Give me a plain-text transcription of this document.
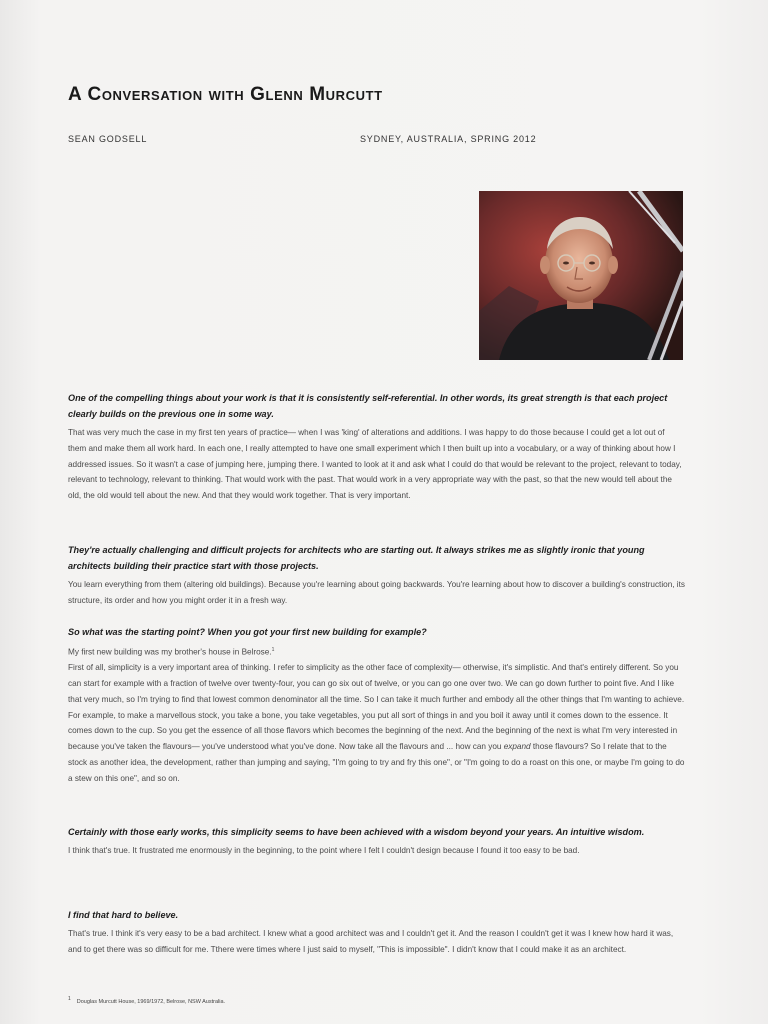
A Conversation with Glenn Murcutt
SEAN GODSELL	SYDNEY, AUSTRALIA, SPRING 2012
One of the compelling things about your work is that it is consistently self-referential. In other words, its great strength is that each project clearly builds on the previous one in some way.

That was very much the case in my first ten years of practice— when I was 'king' of alterations and additions. I was happy to do those because I could get a lot out of them and make them all work hard. In each one, I really attempted to have one small experiment which I then built up into a vocabulary, or a way of thinking about how I addressed issues. So it wasn't a case of jumping here, jumping there. I wanted to look at it and ask what I could do that would be relevant to the project, relevant to today, relevant to technology, relevant to thinking. That would work with the past. That would work in a very appropriate way with the past, so that the new would tell about the old, the old would tell about the new. And that they would work together. That is very important.

They're actually challenging and difficult projects for architects who are starting out. It always strikes me as slightly ironic that young architects building their practice start with those projects.

You learn everything from them (altering old buildings). Because you're learning about going backwards. You're learning about how to discover a building's construction, its structure, its order and how you might order it in a fresh way.

So what was the starting point? When you got your first new building for example?

My first new building was my brother's house in Belrose.$^1$

First of all, simplicity is a very important area of thinking. I refer to simplicity as the other face of complexity— otherwise, it's simplistic. And that's entirely different. So you can start for example with a fraction of twelve over twenty-four, you can go six out of twelve, or you can go one over two. We can go down further to point five. And I like that very much, so I'm trying to find that lowest common denominator all the time. So I can take it much further and embody all the other things that I'm wanting to achieve. For example, to make a marvellous stock, you take a bone, you take vegetables, you put all sort of things in and you boil it away until it comes down to the essence. It comes down to the cup. So you get the essence of all those flavors which becomes the beginning of the next. And the beginning of the next is what I'm very interested in because you've taken the flavours— you've understood what you've done. Now take all the flavours and ... how can you expand those flavours? So I relate that to the stock as another idea, the development, rather than jumping and saying, "I'm going to try and fry this one", or "I'm going to do a roast on this one, or maybe I'm going to do a stew on this one", and so on.

Certainly with those early works, this simplicity seems to have been achieved with a wisdom beyond your years. An intuitive wisdom.

I think that's true. It frustrated me enormously in the beginning, to the point where I felt I couldn't design because I found it too easy to be bad.

I find that hard to believe.

That's true. I think it's very easy to be a bad architect. I knew what a good architect was and I couldn't get it. And the reason I couldn't get it was I knew how hard it was, and to get there was so difficult for me. Tthere were times where I just said to myself, "This is impossible". I didn't know that I could make it as an architect.

$^1$ Douglas Murcutt House, 1969/1972, Belrose, NSW Australia.
